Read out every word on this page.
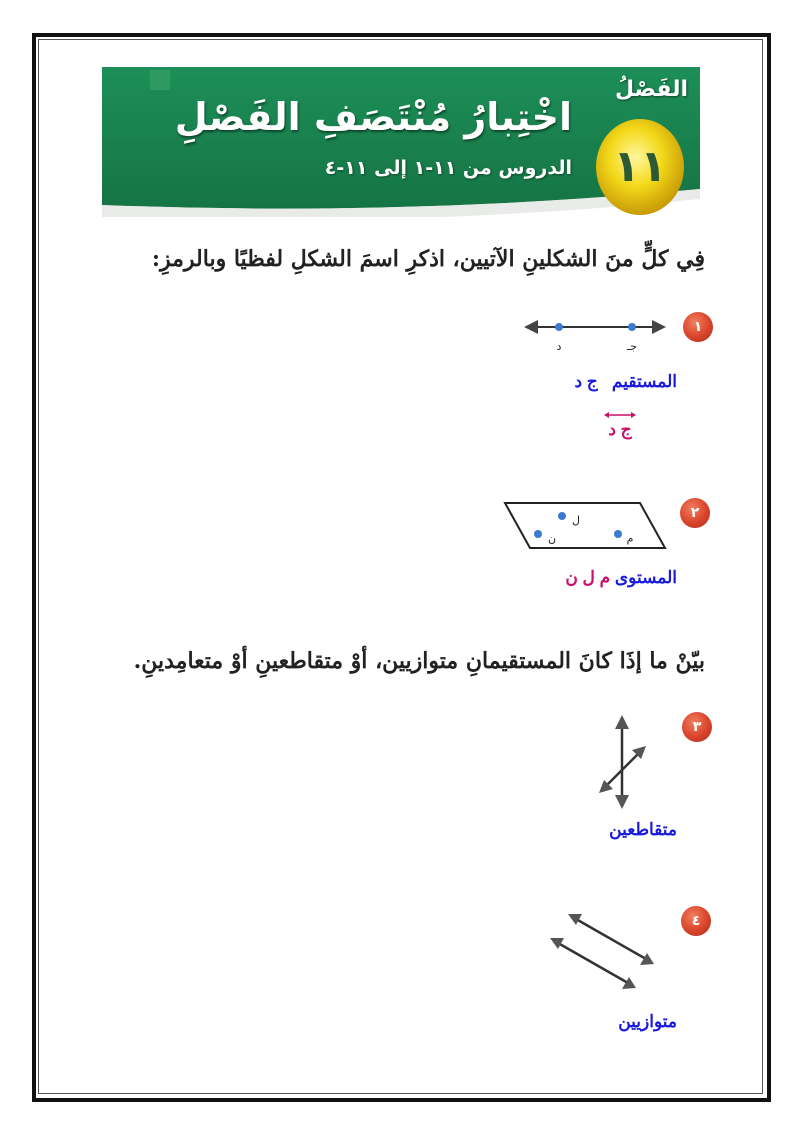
الفَصْلُ
١١
اخْتِبارُ مُنْتَصَفِ الفَصْلِ
الدروس من ١١-١ إلى ١١-٤
فِي كلٍّ منَ الشكلينِ الآتيين، اذكرِ اسمَ الشكلِ لفظيًا وبالرمزِ:
١
د	جـ
المستقيم   ج د
ج د
٢
ل
ن	م
المستوى م ل ن
بيّنْ ما إذَا كانَ المستقيمانِ متوازيين، أوْ متقاطعينِ أوْ متعامِدينِ.
٣
متقاطعين
٤
متوازيين
